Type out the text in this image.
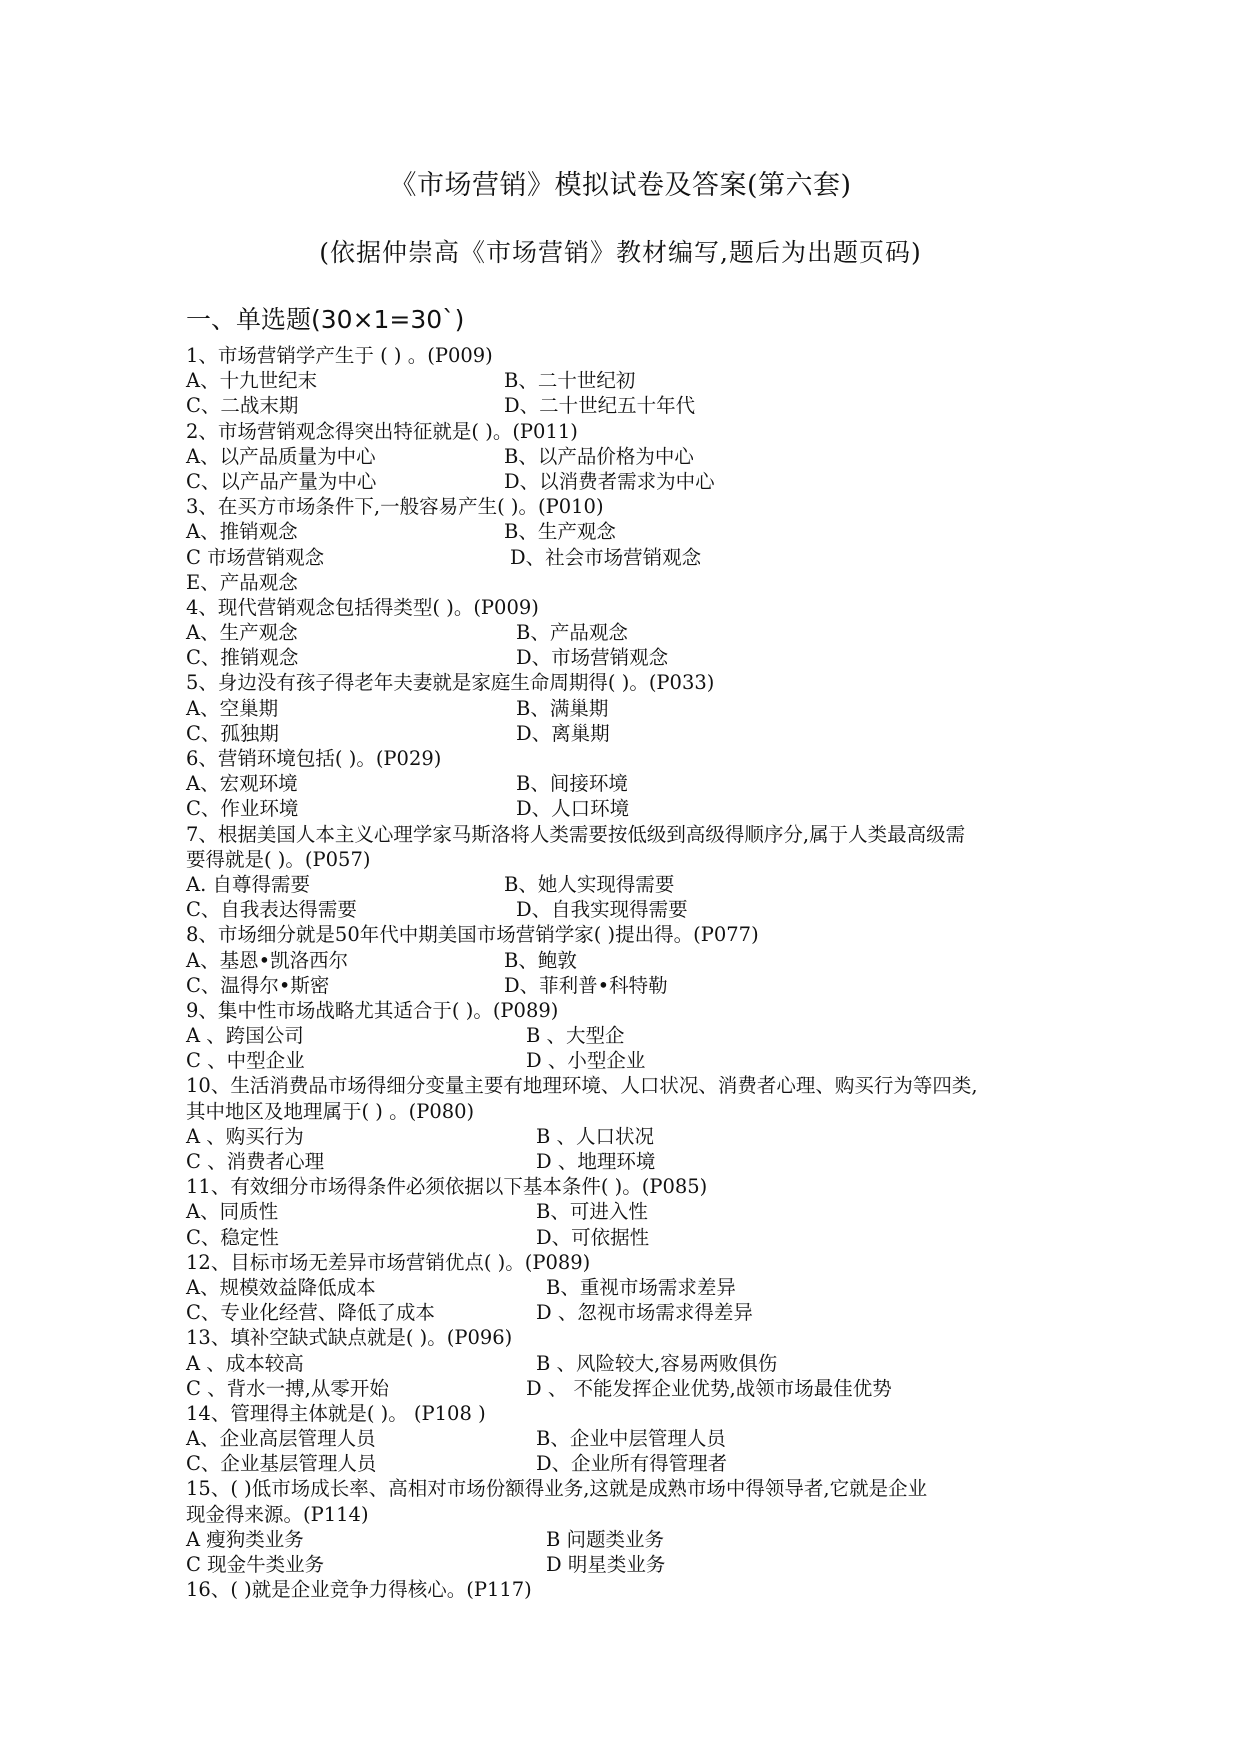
《市场营销》模拟试卷及答案(第六套)
(依据仲崇高《市场营销》教材编写,题后为出题页码)
一、单选题(30×1=30`)
1、市场营销学产生于 ( ) 。(P009)
A、十九世纪末	B、二十世纪初
C、二战末期	D、二十世纪五十年代
2、市场营销观念得突出特征就是( )。(P011)
A、以产品质量为中心	B、以产品价格为中心
C、以产品产量为中心	D、以消费者需求为中心
3、在买方市场条件下,一般容易产生( )。(P010)
A、推销观念	B、生产观念
C 市场营销观念	D、社会市场营销观念
E、产品观念
4、现代营销观念包括得类型( )。(P009)
A、生产观念	B、产品观念
C、推销观念	D、市场营销观念
5、身边没有孩子得老年夫妻就是家庭生命周期得( )。(P033)
A、空巢期	B、满巢期
C、孤独期	D、离巢期
6、营销环境包括( )。(P029)
A、宏观环境	B、间接环境
C、作业环境	D、人口环境
7、根据美国人本主义心理学家马斯洛将人类需要按低级到高级得顺序分,属于人类最高级需
要得就是( )。(P057)
A. 自尊得需要	B、她人实现得需要
C、自我表达得需要	D、自我实现得需要
8、市场细分就是50年代中期美国市场营销学家( )提出得。(P077)
A、基恩•凯洛西尔	B、鲍敦
C、温得尔•斯密	D、菲利普•科特勒
9、集中性市场战略尤其适合于( )。(P089)
A 、跨国公司	B 、大型企
C 、中型企业	D 、小型企业
10、生活消费品市场得细分变量主要有地理环境、人口状况、消费者心理、购买行为等四类,
其中地区及地理属于( ) 。(P080)
A 、购买行为	B 、人口状况
C 、消费者心理	D 、地理环境
11、有效细分市场得条件必须依据以下基本条件( )。(P085)
A、同质性	B、可进入性
C、稳定性	D、可依据性
12、目标市场无差异市场营销优点( )。(P089)
A、规模效益降低成本	B、重视市场需求差异
C、专业化经营、降低了成本	D 、忽视市场需求得差异
13、填补空缺式缺点就是( )。(P096)
A 、成本较高	B 、风险较大,容易两败俱伤
C 、背水一搏,从零开始	D 、 不能发挥企业优势,战领市场最佳优势
14、管理得主体就是( )。 (P108 )
A、企业高层管理人员	B、企业中层管理人员
C、企业基层管理人员	D、企业所有得管理者
15、( )低市场成长率、高相对市场份额得业务,这就是成熟市场中得领导者,它就是企业
现金得来源。(P114)
A 瘦狗类业务	B 问题类业务
C 现金牛类业务	D 明星类业务
16、( )就是企业竞争力得核心。(P117)
